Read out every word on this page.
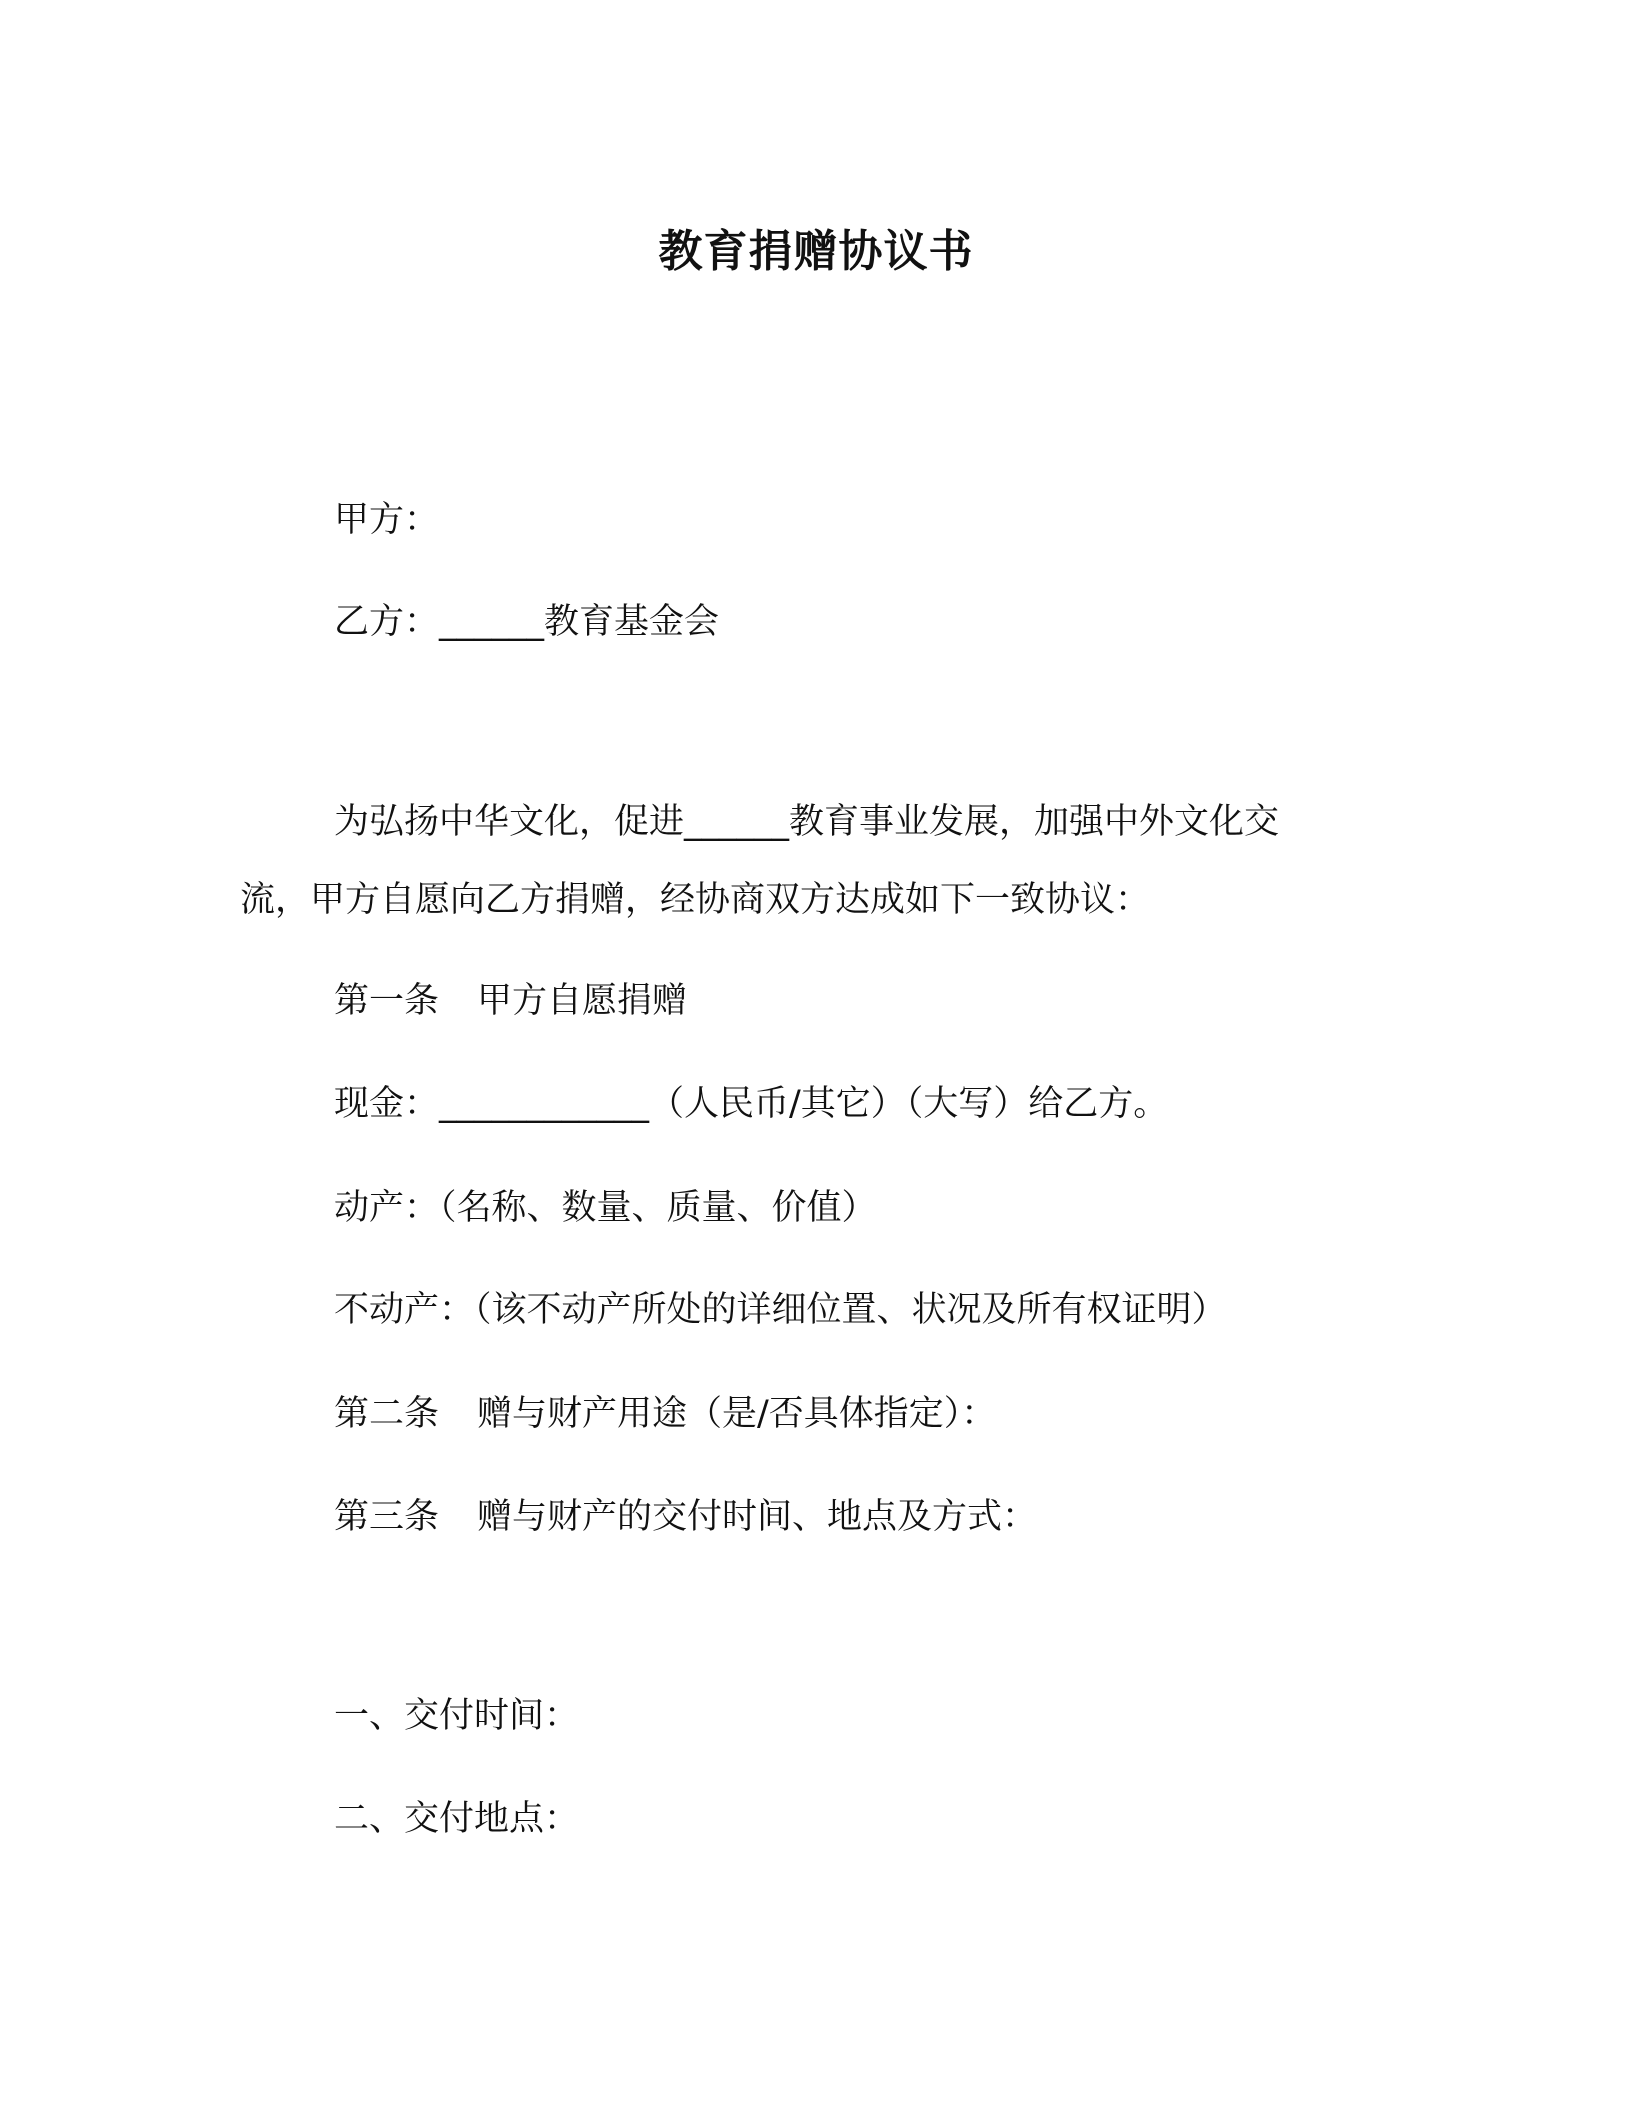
教育捐赠协议书
甲方：
乙方：______教育基金会
为弘扬中华文化，促进______教育事业发展，加强中外文化交
流，甲方自愿向乙方捐赠，经协商双方达成如下一致协议：
第一条 甲方自愿捐赠
现金：____________（人民币/其它）（大写）给乙方。
动产：（名称、数量、质量、价值）
不动产：（该不动产所处的详细位置、状况及所有权证明）
第二条 赠与财产用途（是/否具体指定）：
第三条 赠与财产的交付时间、地点及方式：
一、交付时间：
二、交付地点：
